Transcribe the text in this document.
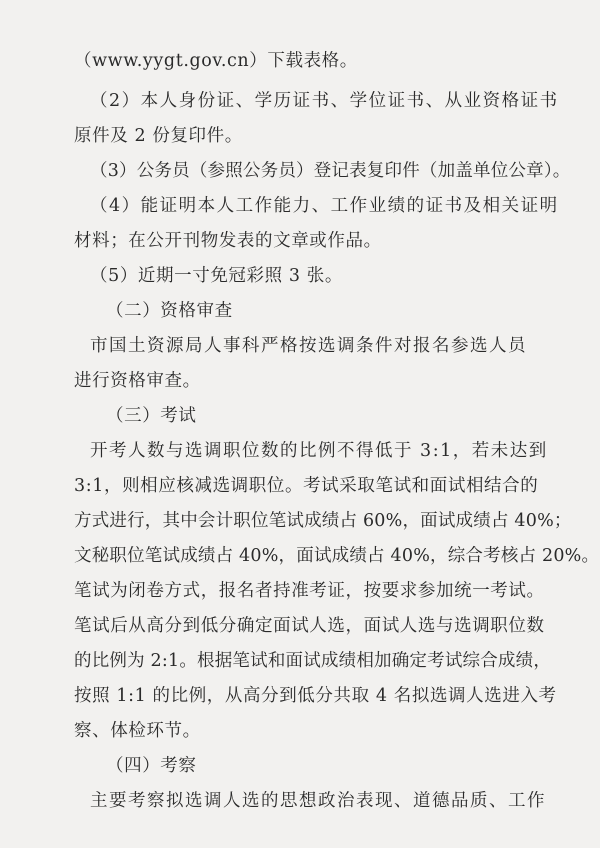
（www.yygt.gov.cn）下载表格。
（2）本人身份证、学历证书、学位证书、从业资格证书
原件及 2 份复印件。
（3）公务员（参照公务员）登记表复印件（加盖单位公章）。
（4）能证明本人工作能力、工作业绩的证书及相关证明
材料；在公开刊物发表的文章或作品。
（5）近期一寸免冠彩照 3 张。
（二）资格审查
市国土资源局人事科严格按选调条件对报名参选人员
进行资格审查。
（三）考试
开考人数与选调职位数的比例不得低于 3:1，若未达到
3:1，则相应核减选调职位。考试采取笔试和面试相结合的
方式进行，其中会计职位笔试成绩占 60%，面试成绩占 40%；
文秘职位笔试成绩占 40%，面试成绩占 40%，综合考核占 20%。
笔试为闭卷方式，报名者持准考证，按要求参加统一考试。
笔试后从高分到低分确定面试人选，面试人选与选调职位数
的比例为 2:1。根据笔试和面试成绩相加确定考试综合成绩，
按照 1:1 的比例，从高分到低分共取 4 名拟选调人选进入考
察、体检环节。
（四）考察
主要考察拟选调人选的思想政治表现、道德品质、工作
